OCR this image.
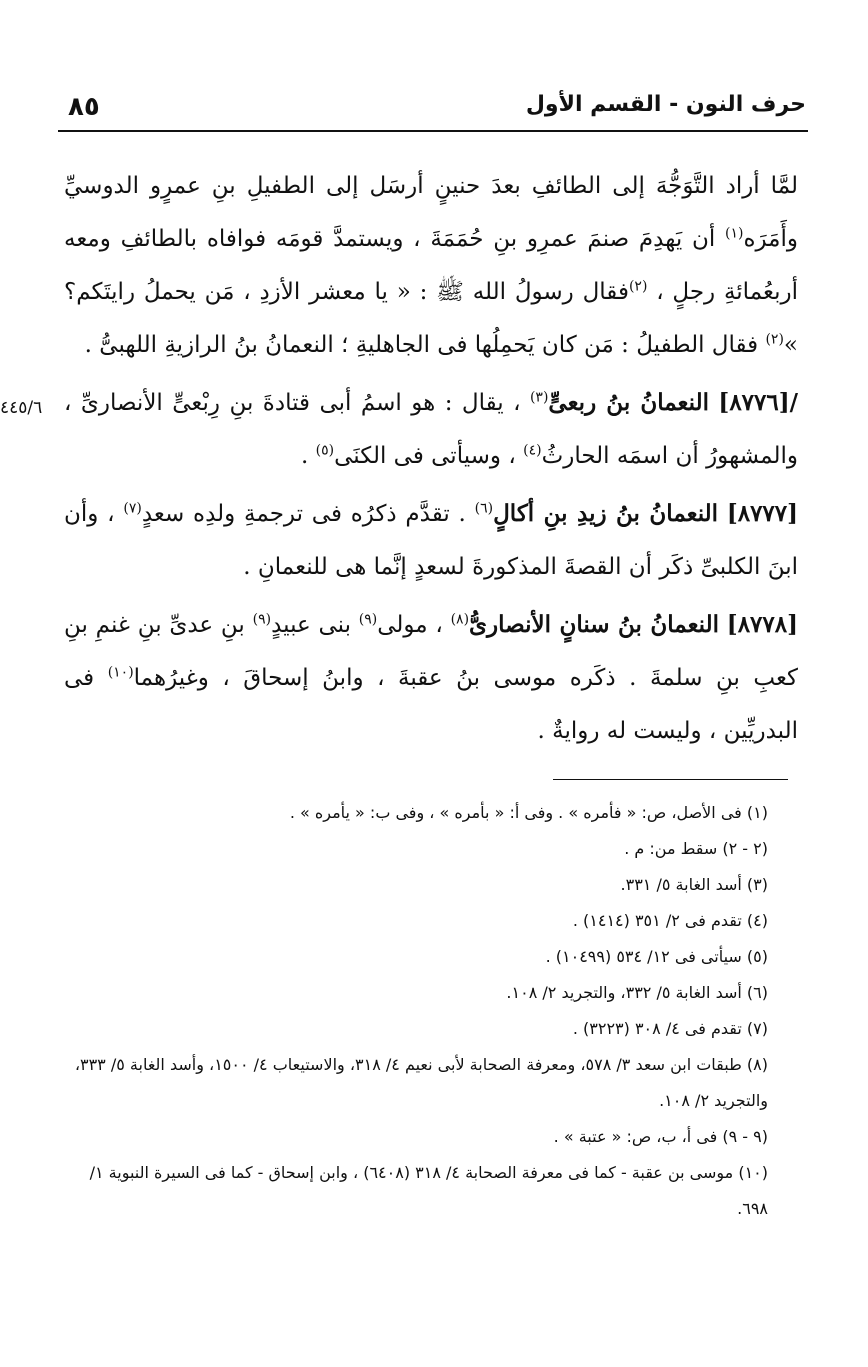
٨٥	حرف النون - القسم الأول
٤٤٥/٦

لمَّا أراد التَّوَجُّهَ إلى الطائفِ بعدَ حنينٍ أرسَل إلى الطفيلِ بنِ عمرٍو الدوسيِّ وأَمَرَه$^{(١)}$ أن يَهدِمَ صنمَ عمرِو بنِ حُمَمَةَ ، ويستمدَّ قومَه فوافاه بالطائفِ ومعه أربعُمائةِ رجلٍ ، $^{(٢)}$فقال رسولُ الله ﷺ : « يا معشر الأزدِ ، مَن يحملُ رايتَكم؟ »$^{(٢)}$ فقال الطفيلُ : مَن كان يَحمِلُها فى الجاهليةِ ؛ النعمانُ بنُ الرازيةِ اللهبىُّ .

/[٨٧٧٦] النعمانُ بنُ ربعىٍّ$^{(٣)}$ ، يقال : هو اسمُ أبى قتادةَ بنِ رِبْعىٍّ الأنصارىِّ ، والمشهورُ أن اسمَه الحارثُ$^{(٤)}$ ، وسيأتى فى الكنَى$^{(٥)}$ .

[٨٧٧٧] النعمانُ بنُ زيدِ بنِ أكالٍ$^{(٦)}$ . تقدَّم ذكرُه فى ترجمةِ ولدِه سعدٍ$^{(٧)}$ ، وأن ابنَ الكلبىِّ ذكَر أن القصةَ المذكورةَ لسعدٍ إنَّما هى للنعمانِ .

[٨٧٧٨] النعمانُ بنُ سنانٍ الأنصارىُّ$^{(٨)}$ ، مولى$^{(٩)}$ بنى عبيدٍ$^{(٩)}$ بنِ عدىِّ بنِ غنمِ بنِ كعبِ بنِ سلمةَ . ذكَره موسى بنُ عقبةَ ، وابنُ إسحاقَ ، وغيرُهما$^{(١٠)}$ فى البدريِّين ، وليست له روايةٌ .

(١) فى الأصل، ص: « فأمره » . وفى أ: « بأمره » ، وفى ب: « يأمره » .

(٢ - ٢) سقط من: م .

(٣) أسد الغابة ٥/ ٣٣١.

(٤) تقدم فى ٢/ ٣٥١ (١٤١٤) .

(٥) سيأتى فى ١٢/ ٥٣٤ (١٠٤٩٩) .

(٦) أسد الغابة ٥/ ٣٣٢، والتجريد ٢/ ١٠٨.

(٧) تقدم فى ٤/ ٣٠٨ (٣٢٢٣) .

(٨) طبقات ابن سعد ٣/ ٥٧٨، ومعرفة الصحابة لأبى نعيم ٤/ ٣١٨، والاستيعاب ٤/ ١٥٠٠، وأسد الغابة ٥/ ٣٣٣، والتجريد ٢/ ١٠٨.

(٩ - ٩) فى أ، ب، ص: « عتبة » .

(١٠) موسى بن عقبة - كما فى معرفة الصحابة ٤/ ٣١٨ (٦٤٠٨) ، وابن إسحاق - كما فى السيرة النبوية ١/ ٦٩٨.
